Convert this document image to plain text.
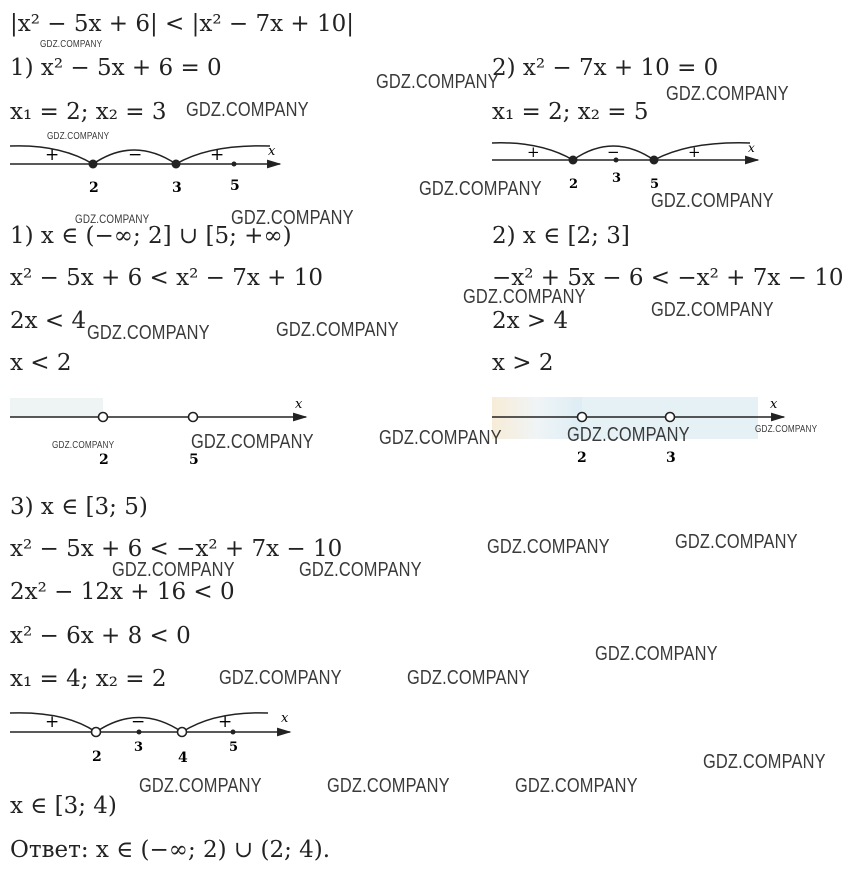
|x² − 5x + 6| < |x² − 7x + 10|
1) x² − 5x + 6 = 0
x₁ = 2; x₂ = 3
1) x ∈ (−∞; 2] ∪ [5; +∞)
x² − 5x + 6 < x² − 7x + 10
2x < 4
x < 2
2) x² − 7x + 10 = 0
x₁ = 2; x₂ = 5
2) x ∈ [2; 3]
−x² + 5x − 6 < −x² + 7x − 10
2x > 4
x > 2
3) x ∈ [3; 5)
x² − 5x + 6 < −x² + 7x − 10
2x² − 12x + 16 < 0
x² − 6x + 8 < 0
x₁ = 4; x₂ = 2
x ∈ [3; 4)
Ответ: x ∈ (−∞; 2) ∪ (2; 4).
+	−	+	x
2	3	5
+	−	+	x
2	3 5
x
2	5
x
2	3
+	−	+	x
2
3
4
5
GDZ.COMPANY
GDZ.COMPANY
GDZ.COMPANY
GDZ.COMPANY
GDZ.COMPANY
GDZ.COMPANY
GDZ.COMPANY
GDZ.COMPANY	GDZ.COMPANY
GDZ.COMPANY
GDZ.COMPANY
GDZ.COMPANY	GDZ.COMPANY
GDZ.COMPANY	GDZ.COMPANY	GDZ.COMPANY
GDZ.COMPANY	GDZ.COMPANY
GDZ.COMPANY	GDZ.COMPANY
GDZ.COMPANY	GDZ.COMPANY
GDZ.COMPANY
GDZ.COMPANY	GDZ.COMPANY
GDZ.COMPANY
GDZ.COMPANY	GDZ.COMPANY	GDZ.COMPANY
